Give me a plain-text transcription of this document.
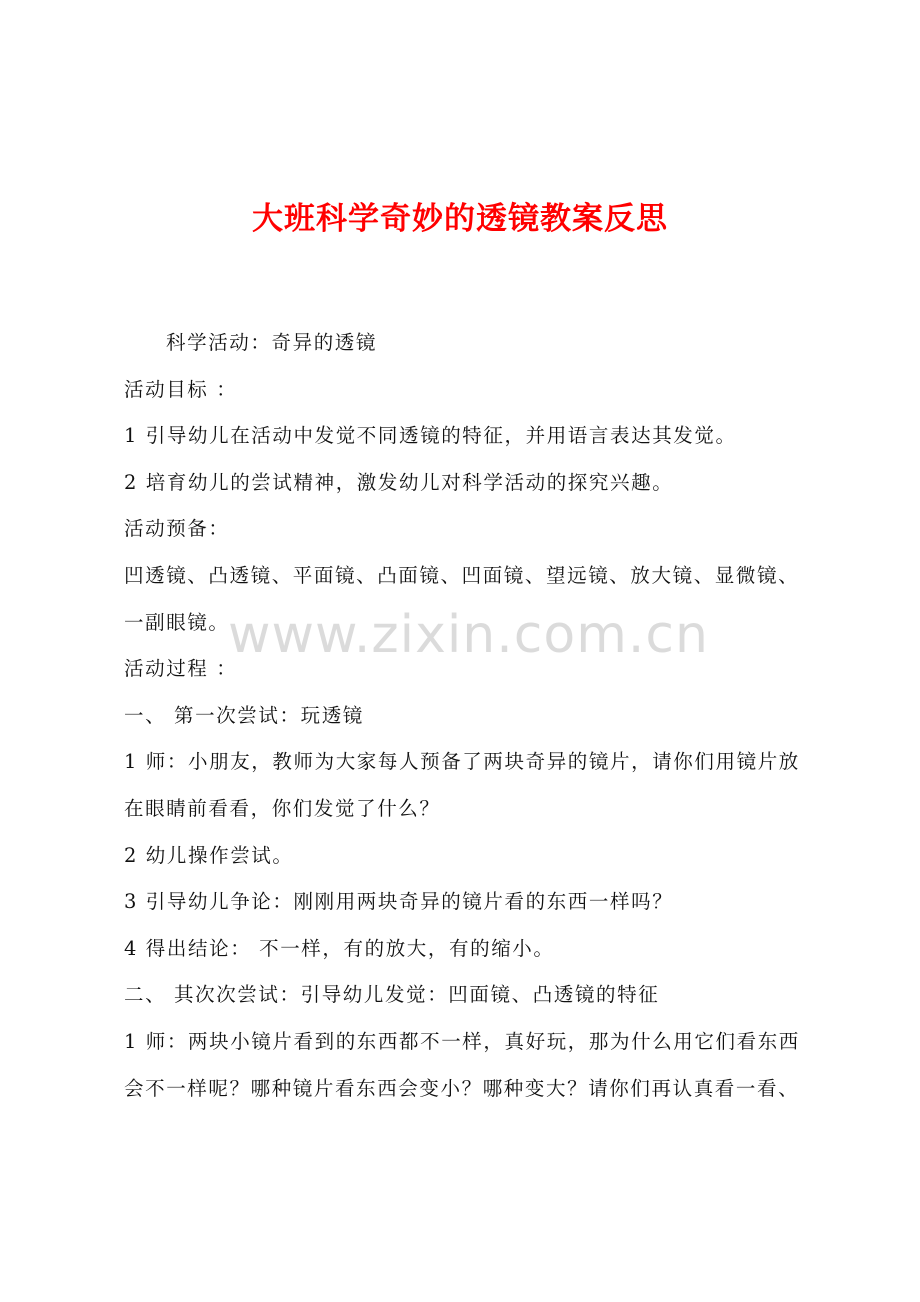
大班科学奇妙的透镜教案反思

科学活动：奇异的透镜

活动目标 ：

1 引导幼儿在活动中发觉不同透镜的特征，并用语言表达其发觉。

2 培育幼儿的尝试精神，激发幼儿对科学活动的探究兴趣。

活动预备：

凹透镜、凸透镜、平面镜、凸面镜、凹面镜、望远镜、放大镜、显微镜、

一副眼镜。

活动过程 ：

一、 第一次尝试：玩透镜

1 师：小朋友，教师为大家每人预备了两块奇异的镜片，请你们用镜片放

在眼睛前看看，你们发觉了什么？

2 幼儿操作尝试。

3 引导幼儿争论：刚刚用两块奇异的镜片看的东西一样吗？

4 得出结论： 不一样，有的放大，有的缩小。

二、 其次次尝试：引导幼儿发觉：凹面镜、凸透镜的特征

1 师：两块小镜片看到的东西都不一样，真好玩，那为什么用它们看东西

会不一样呢？哪种镜片看东西会变小？哪种变大？请你们再认真看一看、

www.zixin.com.cn
